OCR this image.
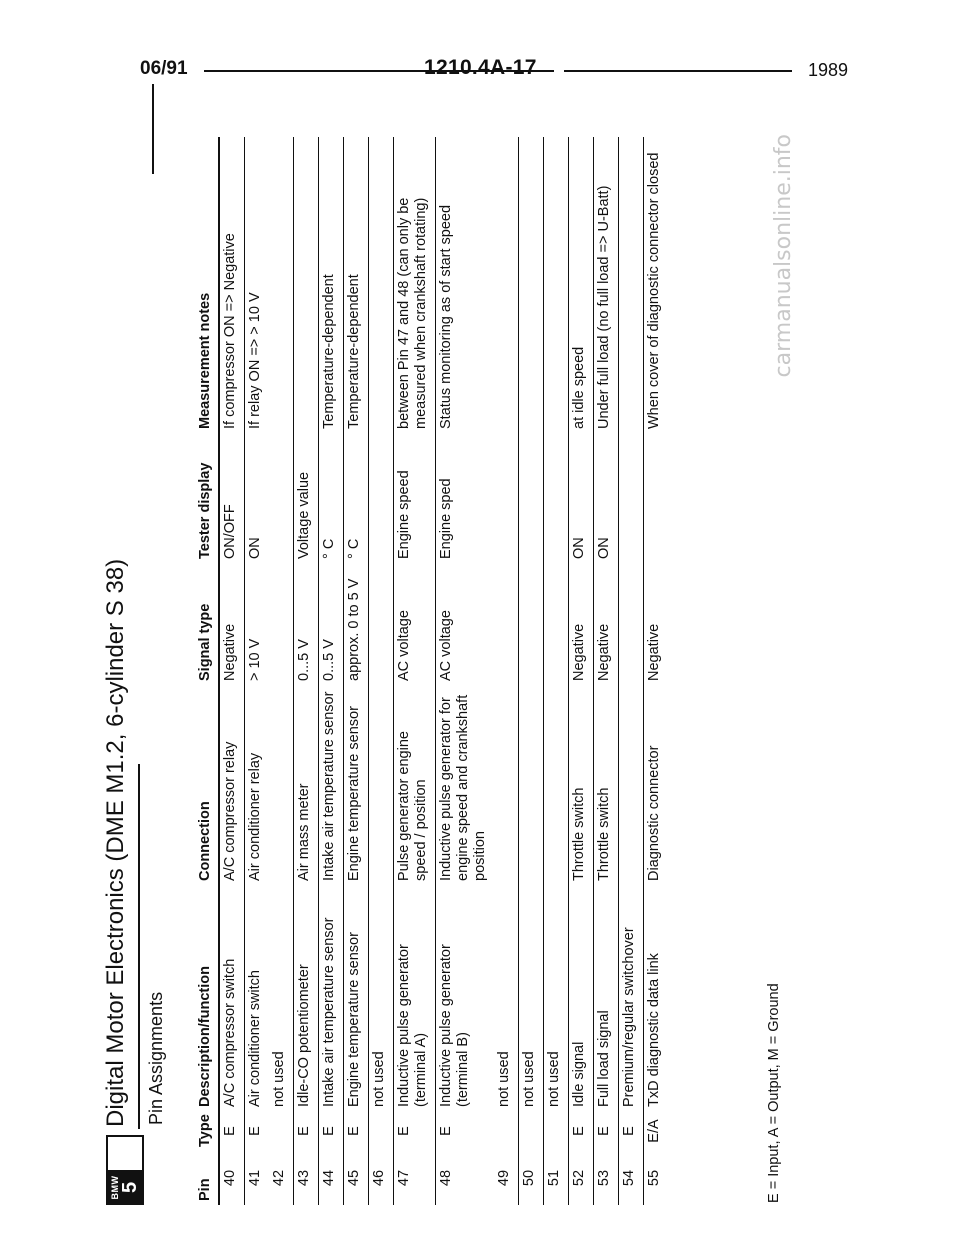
06/91	1210.4A-17	1989
BMW 5
Digital Motor Electronics (DME M1.2, 6-cylinder S 38) Pin Assignments
Pin	Type	Description/function	Connection	Signal type	Tester display	Measurement notes
40	E	A/C compressor switch	A/C compressor relay	Negative	ON/OFF	If compressor ON => Negative
41	E	Air conditioner switch	Air conditioner relay	> 10 V	ON	If relay ON => > 10 V
42		not used				
43	E	Idle-CO potentiometer	Air mass meter	0...5 V	Voltage value	
44	E	Intake air temperature sensor	Intake air temperature sensor	0...5 V	° C	Temperature-dependent
45	E	Engine temperature sensor	Engine temperature sensor	approx. 0 to 5 V	° C	Temperature-dependent
46		not used				
47	E	Inductive pulse generator (terminal A)	Pulse generator engine speed / position	AC voltage	Engine speed	between Pin 47 and 48 (can only be measured when crankshaft rotating)
48	E	Inductive pulse generator (terminal B)	Inductive pulse generator for engine speed and crankshaft position	AC voltage	Engine sped	Status monitoring as of start speed
49		not used				
50		not used				
51		not used				
52	E	Idle signal	Throttle switch	Negative	ON	at idle speed
53	E	Full load signal	Throttle switch	Negative	ON	Under full load (no full load => U-Batt)
54	E	Premium/regular switchover				
55	E/A	TxD diagnostic data link	Diagnostic connector	Negative		When cover of diagnostic connector closed
E = Input, A = Output, M = Ground
carmanualsonline.info
